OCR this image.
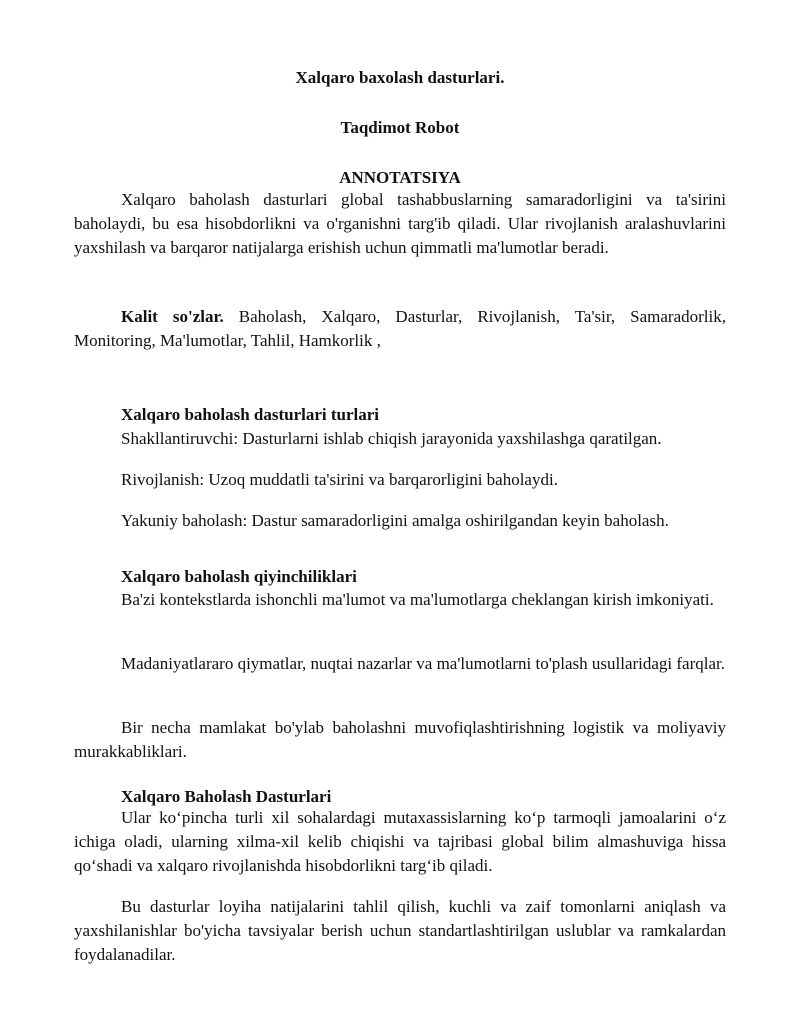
Xalqaro baxolash dasturlari.

Taqdimot Robot

ANNOTATSIYA

Xalqaro baholash dasturlari global tashabbuslarning samaradorligini va ta'sirini baholaydi, bu esa hisobdorlikni va o'rganishni targ'ib qiladi. Ular rivojlanish aralashuvlarini yaxshilash va barqaror natijalarga erishish uchun qimmatli ma'lumotlar beradi.

Kalit so'zlar. Baholash, Xalqaro, Dasturlar, Rivojlanish, Ta'sir, Samaradorlik, Monitoring, Ma'lumotlar, Tahlil, Hamkorlik ,

Xalqaro baholash dasturlari turlari

Shakllantiruvchi: Dasturlarni ishlab chiqish jarayonida yaxshilashga qaratilgan.

Rivojlanish: Uzoq muddatli ta'sirini va barqarorligini baholaydi.

Yakuniy baholash: Dastur samaradorligini amalga oshirilgandan keyin baholash.

Xalqaro baholash qiyinchiliklari

Ba'zi kontekstlarda ishonchli ma'lumot va ma'lumotlarga cheklangan kirish imkoniyati.

Madaniyatlararo qiymatlar, nuqtai nazarlar va ma'lumotlarni to'plash usullaridagi farqlar.

Bir necha mamlakat bo'ylab baholashni muvofiqlashtirishning logistik va moliyaviy murakkabliklari.

Xalqaro Baholash Dasturlari

Ular ko‘pincha turli xil sohalardagi mutaxassislarning ko‘p tarmoqli jamoalarini o‘z ichiga oladi, ularning xilma-xil kelib chiqishi va tajribasi global bilim almashuviga hissa qo‘shadi va xalqaro rivojlanishda hisobdorlikni targ‘ib qiladi.

Bu dasturlar loyiha natijalarini tahlil qilish, kuchli va zaif tomonlarni aniqlash va yaxshilanishlar bo'yicha tavsiyalar berish uchun standartlashtirilgan uslublar va ramkalardan foydalanadilar.
